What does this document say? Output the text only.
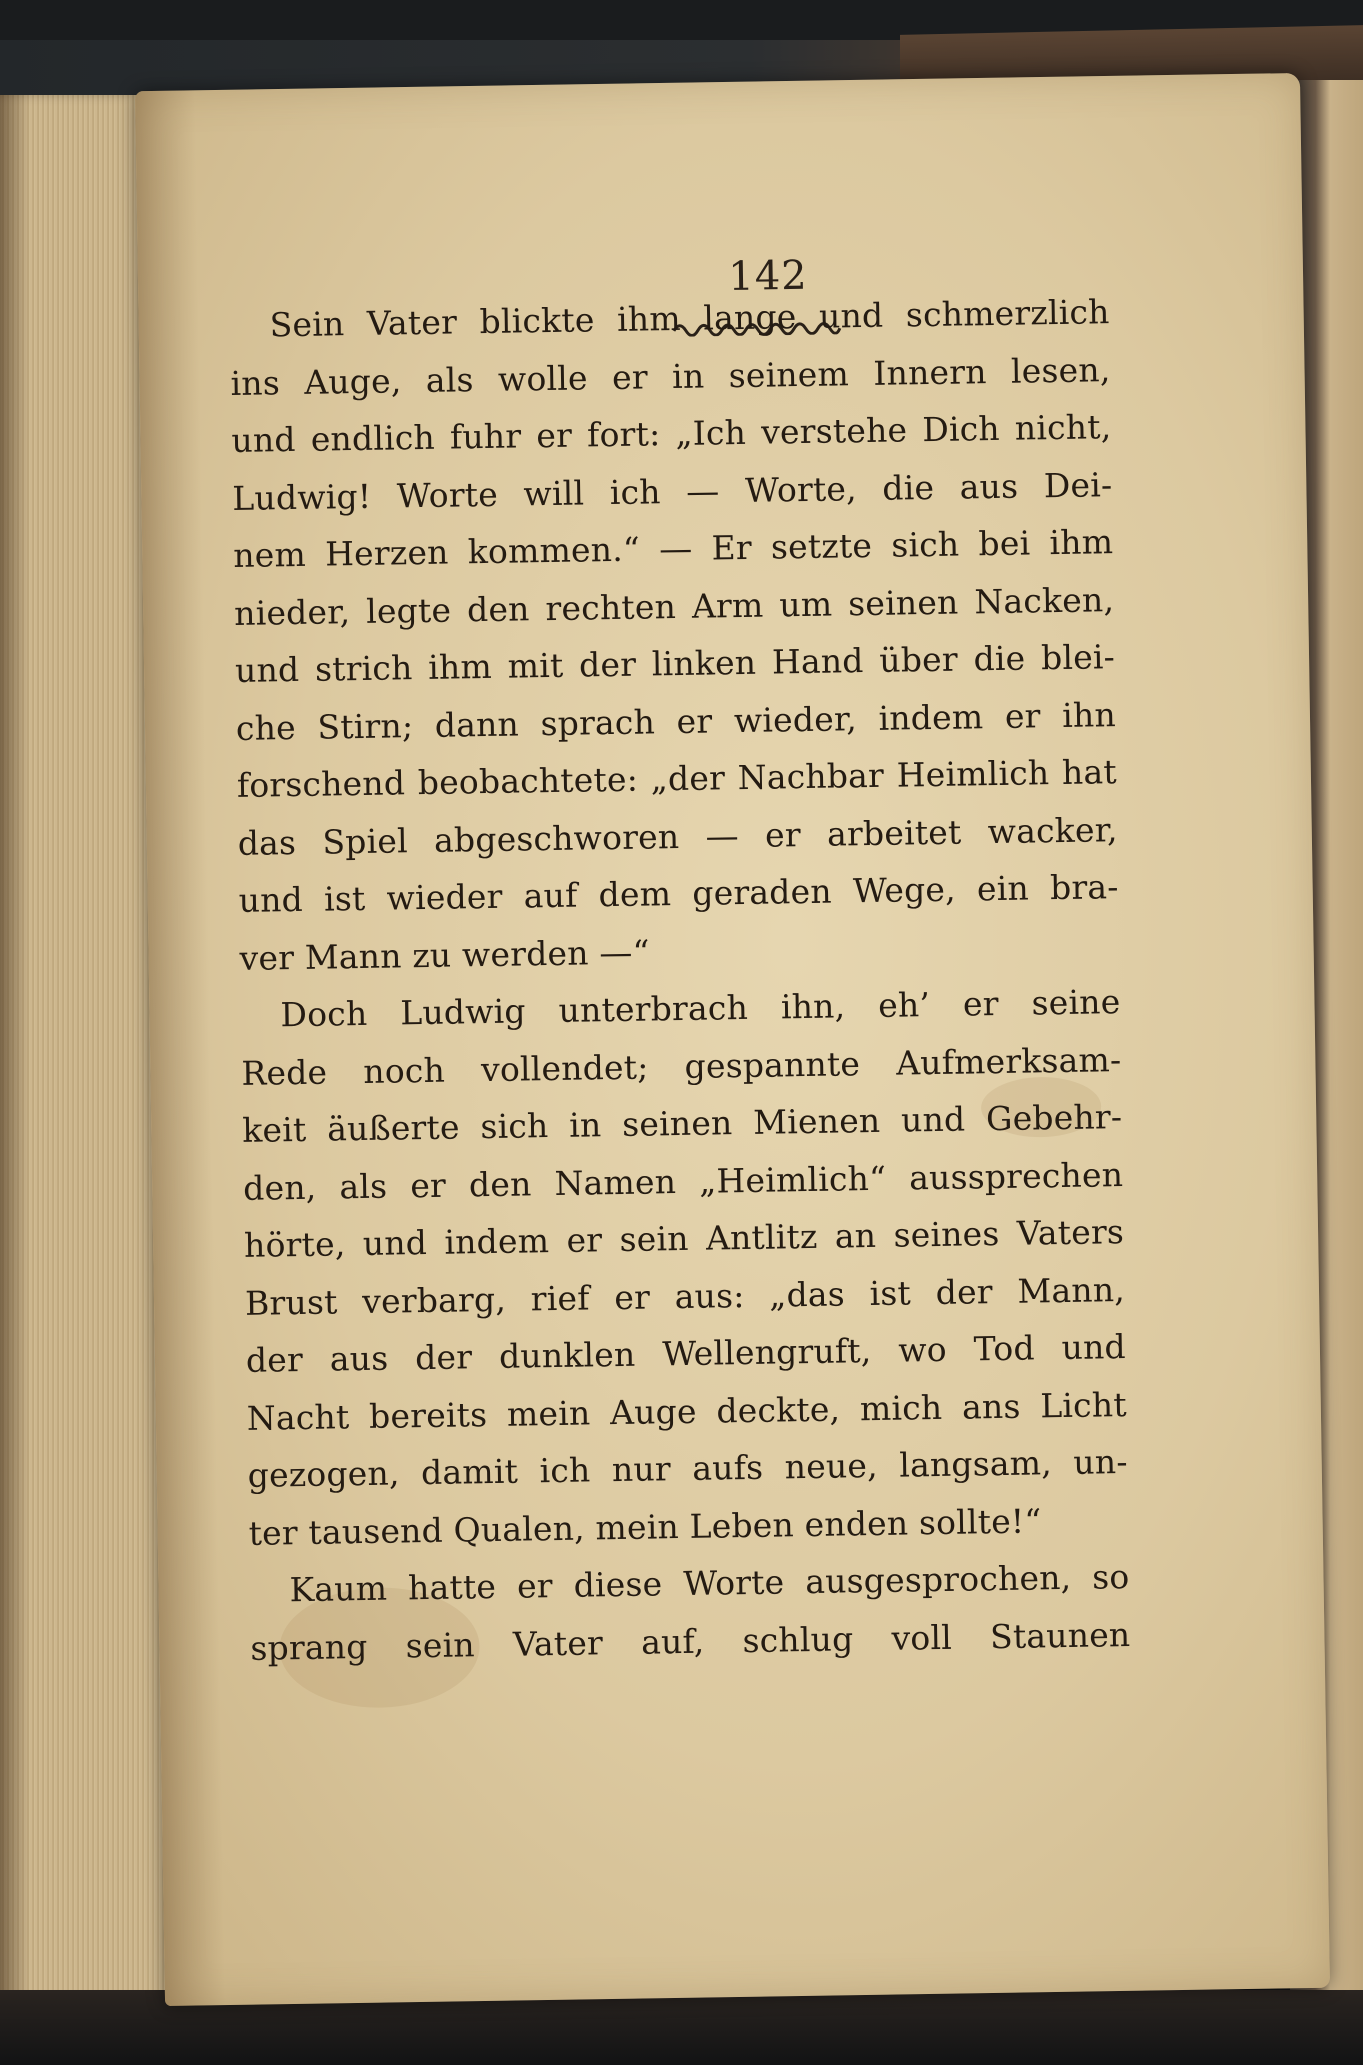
142
Sein Vater blickte ihm lange und schmerzlich
ins Auge, als wolle er in seinem Innern lesen,
und endlich fuhr er fort: „Ich verstehe Dich nicht,
Ludwig! Worte will ich — Worte, die aus Dei-
nem Herzen kommen.“ — Er setzte sich bei ihm
nieder, legte den rechten Arm um seinen Nacken,
und strich ihm mit der linken Hand über die blei-
che Stirn; dann sprach er wieder, indem er ihn
forschend beobachtete: „der Nachbar Heimlich hat
das Spiel abgeschworen — er arbeitet wacker,
und ist wieder auf dem geraden Wege, ein bra-
ver Mann zu werden —“
Doch Ludwig unterbrach ihn, eh’ er seine
Rede noch vollendet; gespannte Aufmerksam-
keit äußerte sich in seinen Mienen und Gebehr-
den, als er den Namen „Heimlich“ aussprechen
hörte, und indem er sein Antlitz an seines Vaters
Brust verbarg, rief er aus: „das ist der Mann,
der aus der dunklen Wellengruft, wo Tod und
Nacht bereits mein Auge deckte, mich ans Licht
gezogen, damit ich nur aufs neue, langsam, un-
ter tausend Qualen, mein Leben enden sollte!“
Kaum hatte er diese Worte ausgesprochen, so
sprang sein Vater auf, schlug voll Staunen
